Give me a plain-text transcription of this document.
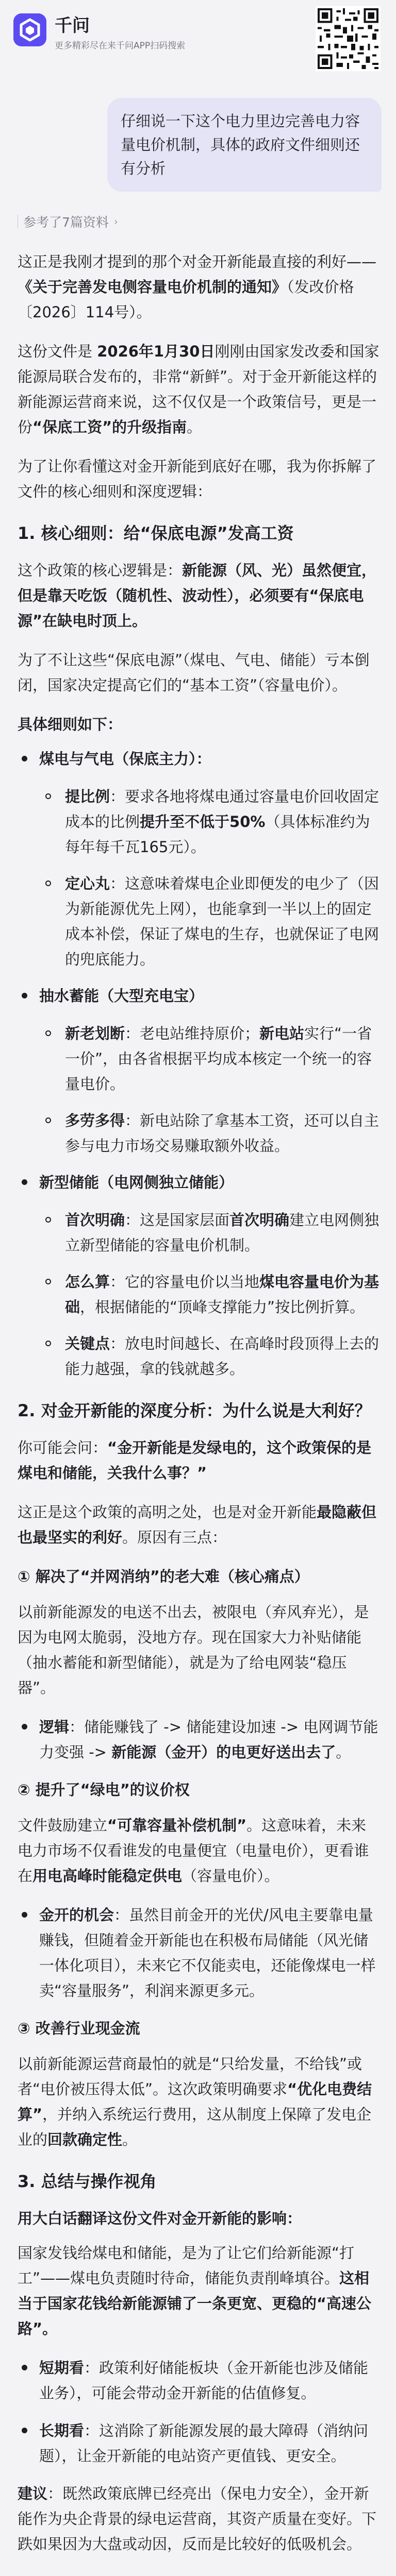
千问
更多精彩尽在来千问APP扫码搜索
仔细说一下这个电力里边完善电力容量电价机制，具体的政府文件细则还有分析
参考了7篇资料 ›

这正是我刚才提到的那个对金开新能最直接的利好——《关于完善发电侧容量电价机制的通知》（发改价格〔2026〕114号）。

这份文件是 2026年1月30日刚刚由国家发改委和国家能源局联合发布的，非常“新鲜”。对于金开新能这样的新能源运营商来说，这不仅仅是一个政策信号，更是一份“保底工资”的升级指南。

为了让你看懂这对金开新能到底好在哪，我为你拆解了文件的核心细则和深度逻辑：

1. 核心细则：给“保底电源”发高工资

这个政策的核心逻辑是：新能源（风、光）虽然便宜，但是靠天吃饭（随机性、波动性），必须要有“保底电源”在缺电时顶上。

为了不让这些“保底电源”（煤电、气电、储能）亏本倒闭，国家决定提高它们的“基本工资”（容量电价）。

具体细则如下：
煤电与气电（保底主力）：
提比例：要求各地将煤电通过容量电价回收固定成本的比例提升至不低于50%（具体标准约为每年每千瓦165元）。
定心丸：这意味着煤电企业即便发的电少了（因为新能源优先上网），也能拿到一半以上的固定成本补偿，保证了煤电的生存，也就保证了电网的兜底能力。
抽水蓄能（大型充电宝）
新老划断：老电站维持原价；新电站实行“一省一价”，由各省根据平均成本核定一个统一的容量电价。
多劳多得：新电站除了拿基本工资，还可以自主参与电力市场交易赚取额外收益。
新型储能（电网侧独立储能）
首次明确：这是国家层面首次明确建立电网侧独立新型储能的容量电价机制。
怎么算：它的容量电价以当地煤电容量电价为基础，根据储能的“顶峰支撑能力”按比例折算。
关键点：放电时间越长、在高峰时段顶得上去的能力越强，拿的钱就越多。
2. 对金开新能的深度分析：为什么说是大利好？

你可能会问：“金开新能是发绿电的，这个政策保的是煤电和储能，关我什么事？”

这正是这个政策的高明之处，也是对金开新能最隐蔽但也最坚实的利好。原因有三点：

① 解决了“并网消纳”的老大难（核心痛点）

以前新能源发的电送不出去，被限电（弃风弃光），是因为电网太脆弱，没地方存。现在国家大力补贴储能（抽水蓄能和新型储能），就是为了给电网装“稳压器”。

逻辑：储能赚钱了 -> 储能建设加速 -> 电网调节能力变强 -> 新能源（金开）的电更好送出去了。
② 提升了“绿电”的议价权

文件鼓励建立“可靠容量补偿机制”。这意味着，未来电力市场不仅看谁发的电量便宜（电量电价），更看谁在用电高峰时能稳定供电（容量电价）。

金开的机会：虽然目前金开的光伏/风电主要靠电量赚钱，但随着金开新能也在积极布局储能（风光储一体化项目），未来它不仅能卖电，还能像煤电一样卖“容量服务”，利润来源更多元。
③ 改善行业现金流

以前新能源运营商最怕的就是“只给发量，不给钱”或者“电价被压得太低”。这次政策明确要求“优化电费结算”，并纳入系统运行费用，这从制度上保障了发电企业的回款确定性。

3. 总结与操作视角
用大白话翻译这份文件对金开新能的影响：

国家发钱给煤电和储能，是为了让它们给新能源“打工”——煤电负责随时待命，储能负责削峰填谷。这相当于国家花钱给新能源铺了一条更宽、更稳的“高速公路”。

短期看：政策利好储能板块（金开新能也涉及储能业务），可能会带动金开新能的估值修复。
长期看：这消除了新能源发展的最大障碍（消纳问题），让金开新能的电站资产更值钱、更安全。

建议：既然政策底牌已经亮出（保电力安全），金开新能作为央企背景的绿电运营商，其资产质量在变好。下跌如果因为大盘或动因，反而是比较好的低吸机会。
